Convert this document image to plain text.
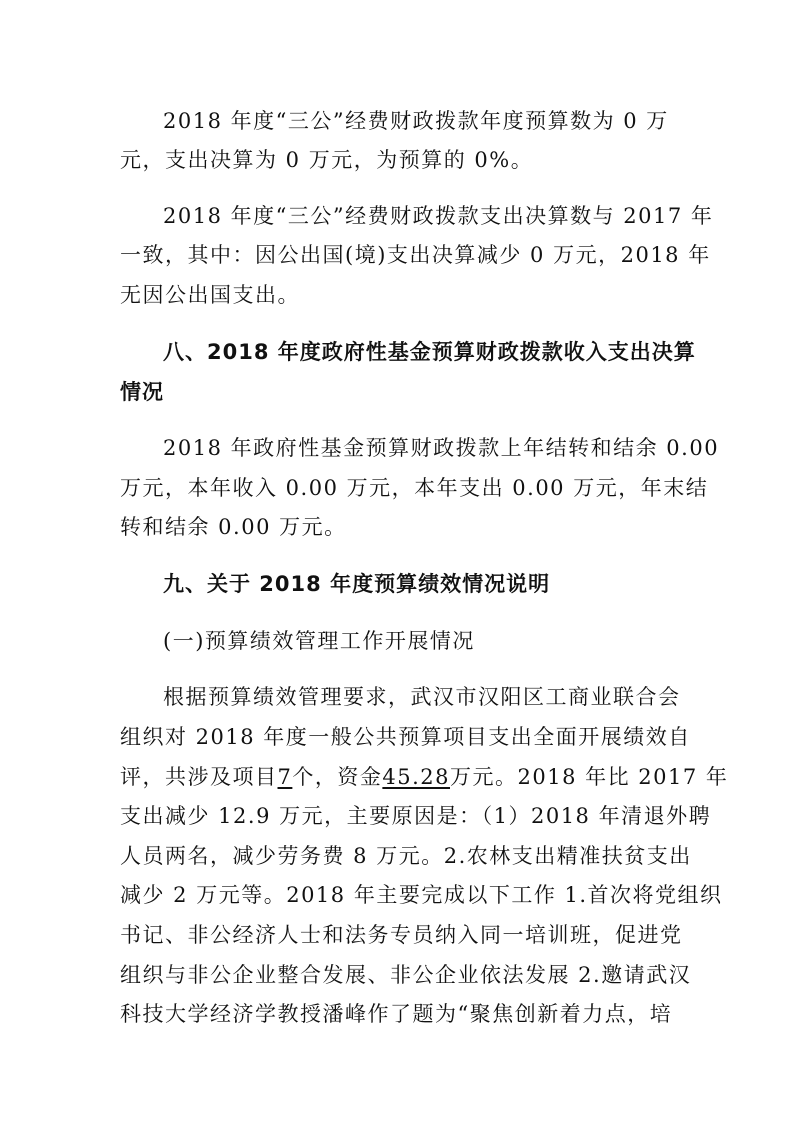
2018 年度“三公”经费财政拨款年度预算数为 0 万

元，支出决算为 0 万元，为预算的 0%。

2018 年度“三公”经费财政拨款支出决算数与 2017 年

一致，其中：因公出国(境)支出决算减少 0 万元，2018 年

无因公出国支出。

八、2018 年度政府性基金预算财政拨款收入支出决算

情况

2018 年政府性基金预算财政拨款上年结转和结余 0.00

万元，本年收入 0.00 万元，本年支出 0.00 万元，年末结

转和结余 0.00 万元。

九、关于 2018 年度预算绩效情况说明

(一)预算绩效管理工作开展情况

根据预算绩效管理要求，武汉市汉阳区工商业联合会

组织对 2018 年度一般公共预算项目支出全面开展绩效自

评，共涉及项目7个，资金45.28万元。2018 年比 2017 年

支出减少 12.9 万元，主要原因是：（1）2018 年清退外聘

人员两名，减少劳务费 8 万元。2.农林支出精准扶贫支出

减少 2 万元等。2018 年主要完成以下工作 1.首次将党组织

书记、非公经济人士和法务专员纳入同一培训班，促进党

组织与非公企业整合发展、非公企业依法发展 2.邀请武汉

科技大学经济学教授潘峰作了题为“聚焦创新着力点，培
